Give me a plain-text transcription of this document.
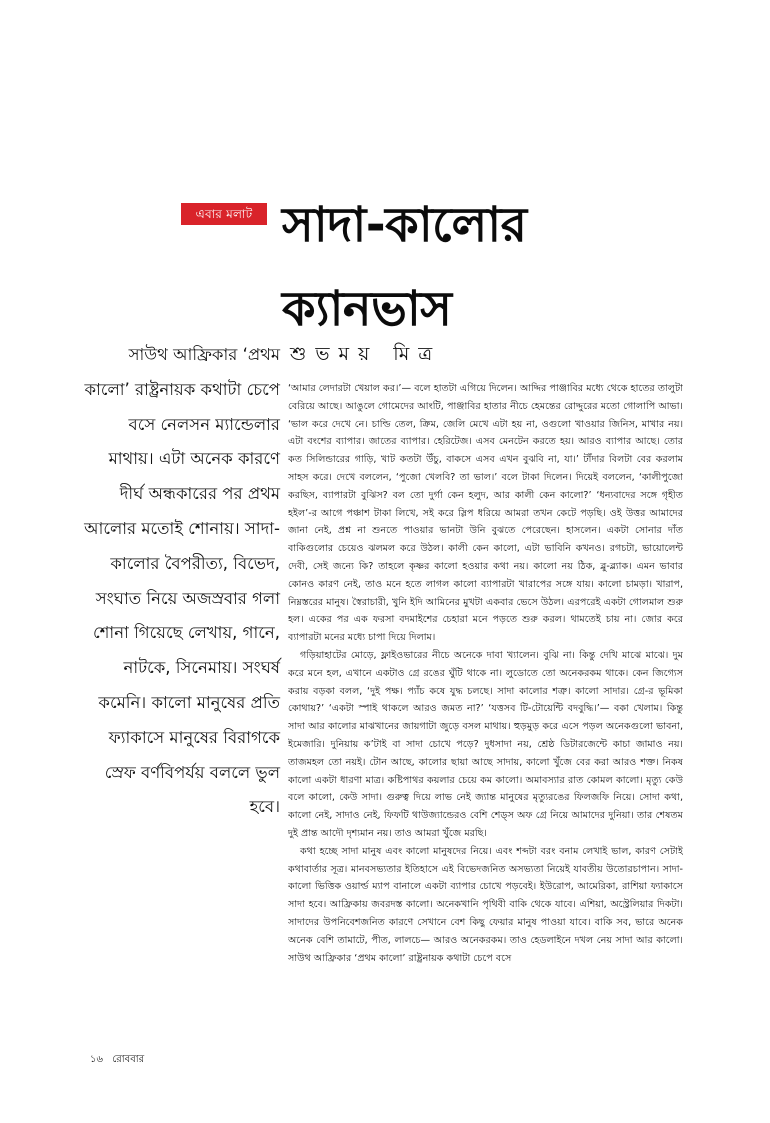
এবার মলাট সাদা-কালোর
ক্যানভাস
শুভময় মিত্র

সাউথ আফ্রিকার ‘প্রথম কালো’ রাষ্ট্রনায়ক কথাটা চেপে বসে নেলসন ম্যান্ডেলার মাথায়। এটা অনেক কারণে দীর্ঘ অন্ধকারের পর প্রথম আলোর মতোই শোনায়। সাদা-কালোর বৈপরীত্য, বিভেদ, সংঘাত নিয়ে অজস্রবার গলা শোনা গিয়েছে লেখায়, গানে, নাটকে, সিনেমায়। সংঘর্ষ কমেনি। কালো মানুষের প্রতি ফ্যাকাসে মানুষের বিরাগকে স্রেফ বর্ণবিপর্যয় বললে ভুল হবে।

‘আমার লেদারটা খেয়াল কর।’— বলে হাতটা এগিয়ে দিলেন। আদ্দির পাঞ্জাবির মধ্যে থেকে হাতের তালুটা বেরিয়ে আছে। আঙুলে গোমেদের আংটি, পাঞ্জাবির হাতার নীচে হেমন্তের রোদ্দুরের মতো গোলাপি আভা। ‘ভাল করে দেখে নে। চাল্ডি তেল, ক্রিম, জেলি মেখে এটা হয় না, ওগুলো খাওয়ার জিনিস, মাখার নয়। এটা বংশের ব্যাপার। জাতের ব্যাপার। হেরিটেজ। এসব মেনটেন করতে হয়। আরও ব্যাপার আছে। তোর কত সিলিন্ডারের গাড়ি, খাট কতটা উঁচু, বাকসে এসব এখন বুঝবি না, যা।’ টাঁদার বিলটা বের করলাম সাহস করে। দেখে বললেন, ‘পুজো খেলবি? তা ভাল।’ বলে টাকা দিলেন। দিয়েই বললেন, ‘কালীপুজো করছিস, ব্যাপারটা বুঝিস? বল তো দুর্গা কেন হলুদ, আর কালী কেন কালো?’ ‘ধন্যবাদের সঙ্গে গৃহীত হইল’-র আগে পঞ্চাশ টাকা লিখে, সই করে স্লিপ ধরিয়ে আমরা তখন কেটে পড়ছি। ওই উত্তর আমাদের জানা নেই, প্রশ্ন না শুনতে পাওয়ার ভানটা উনি বুঝতে পেরেছেন। হাসলেন। একটা সোনার দাঁত বাকিগুলোর চেয়েও ঝলমল করে উঠল। কালী কেন কালো, এটা ভাবিনি কখনও। রগচটা, ভায়োলেন্ট দেবী, সেই জন্যে কি? তাহলে কৃষ্ণর কালো হওয়ার কথা নয়। কালো নয় ঠিক, ব্লু-ব্ল্যাক। এমন ভাবার কোনও কারণ নেই, তাও মনে হতে লাগল কালো ব্যাপারটা খারাপের সঙ্গে যায়। কালো চামড়া। খারাপ, নিম্নস্তরের মানুষ। স্বৈরাচারী, খুনি ইদি আমিনের মুখটা একবার ভেসে উঠল। এরপরেই একটা গোলমাল শুরু হল। একের পর এক ফরসা বদমাইশের চেহারা মনে পড়তে শুরু করল। থামতেই চায় না। জোর করে ব্যাপারটা মনের মধ্যে চাপা দিয়ে দিলাম।

গড়িয়াহাটের মোড়ে, ফ্লাইওভারের নীচে অনেকে দাবা খ্যালেন। বুঝি না। কিন্তু দেখি মাঝে মাঝে। দুম করে মনে হল, এখানে একটাও গ্রে রঙের ঘুঁটি থাকে না। লুডোতে তো অনেকরকম থাকে। কেন জিগ্যেস করায় বড়কা বলল, ‘দুই পক্ষ। প্যাঁচ কষে যুদ্ধ চলছে। সাদা কালোর শত্রু। কালো সাদার। গ্রে-র ভূমিকা কোথায়?’ ‘একটা স্পাই থাকলে আরও জমত না?’ ‘যত্তসব টি-টোয়েন্টি বদবুদ্ধি।’— বকা খেলাম। কিন্তু সাদা আর কালোর মাঝখানের জায়গাটা জুড়ে বসল মাথায়। হুড়মুড় করে এসে পড়ল অনেকগুলো ভাবনা, ইমেজারি। দুনিয়ায় ক’টাই বা সাদা চোখে পড়ে? দুধসাদা নয়, শ্রেষ্ঠ ডিটারজেন্টে কাচা জামাও নয়। তাজমহল তো নয়ই। টোন আছে, কালোর ছায়া আছে সাদায়, কালো খুঁজে বের করা আরও শক্ত। নিকষ কালো একটা ধারণা মাত্র। কষ্টিপাথর কয়লার চেয়ে কম কালো। অমাবস্যার রাত কোমল কালো। মৃত্যু কেউ বলে কালো, কেউ সাদা। গুরুত্ব দিয়ে লাভ নেই জ্যান্ত মানুষের মৃত্যুরঙের ফিলজফি নিয়ে। সোদা কথা, কালো নেই, সাদাও নেই, ফিফটি থাউজ্যান্ডেরও বেশি শেড্স অফ গ্রে নিয়ে আমাদের দুনিয়া। তার শেষতম দুই প্রান্ত আদৌ দৃশ্যমান নয়। তাও আমরা খুঁজে মরছি।

কথা হচ্ছে সাদা মানুষ এবং কালো মানুষদের নিয়ে। এবং শব্দটা বরং বনাম লেখাই ভাল, কারণ সেটাই কথাবার্তার সূত্র। মানবসভ্যতার ইতিহাসে এই বিভেদজনিত অসভ্যতা নিয়েই যাবতীয় উতোরচাপান। সাদা-কালো ভিত্তিক ওয়ার্ল্ড ম্যাপ বানালে একটা ব্যাপার চোখে পড়বেই। ইউরোপ, আমেরিকা, রাশিয়া ফ্যাকাসে সাদা হবে। আফ্রিকায় জবরদস্ত কালো। অনেকখানি পৃথিবী বাকি থেকে যাবে। এশিয়া, অস্ট্রেলিয়ার দিকটা। সাদাদের উপনিবেশজনিত কারণে সেখানে বেশ কিছু ফেয়ার মানুষ পাওয়া যাবে। বাকি সব, ভারে অনেক অনেক বেশি তামাটে, পীত, লালচে— আরও অনেকরকম। তাও হেডলাইনে দখল নেয় সাদা আর কালো। সাউথ আফ্রিকার ‘প্রথম কালো’ রাষ্ট্রনায়ক কথাটা চেপে বসে

১৬ রোববার
